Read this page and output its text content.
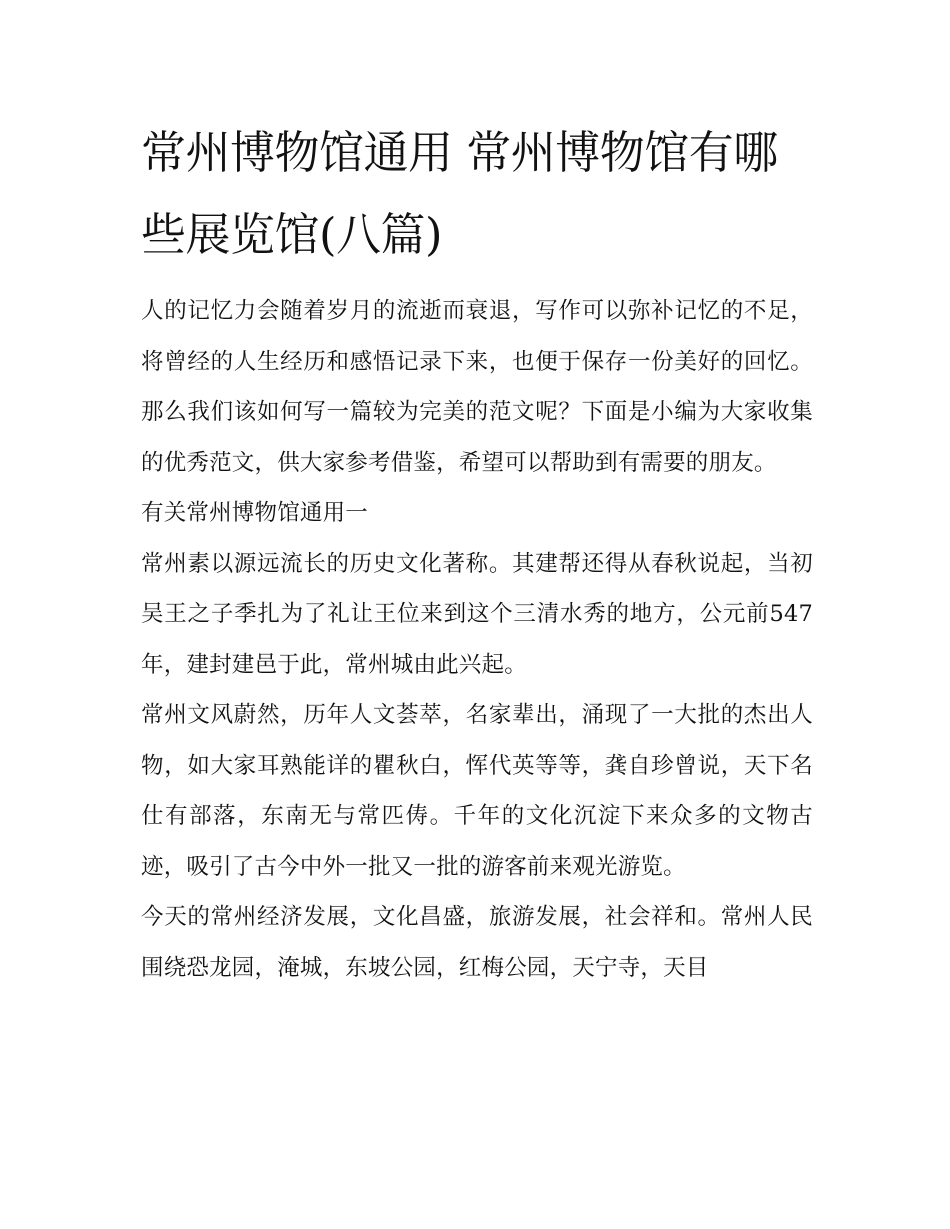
常州博物馆通用 常州博物馆有哪些展览馆(八篇)

人的记忆力会随着岁月的流逝而衰退，写作可以弥补记忆的不足，将曾经的人生经历和感悟记录下来，也便于保存一份美好的回忆。那么我们该如何写一篇较为完美的范文呢？下面是小编为大家收集的优秀范文，供大家参考借鉴，希望可以帮助到有需要的朋友。

有关常州博物馆通用一

常州素以源远流长的历史文化著称。其建帮还得从春秋说起，当初吴王之子季扎为了礼让王位来到这个三清水秀的地方，公元前547年，建封建邑于此，常州城由此兴起。

常州文风蔚然，历年人文荟萃，名家辈出，涌现了一大批的杰出人物，如大家耳熟能详的瞿秋白，恽代英等等，龚自珍曾说，天下名仕有部落，东南无与常匹俦。千年的文化沉淀下来众多的文物古迹，吸引了古今中外一批又一批的游客前来观光游览。

今天的常州经济发展，文化昌盛，旅游发展，社会祥和。常州人民围绕恐龙园，淹城，东坡公园，红梅公园，天宁寺，天目
